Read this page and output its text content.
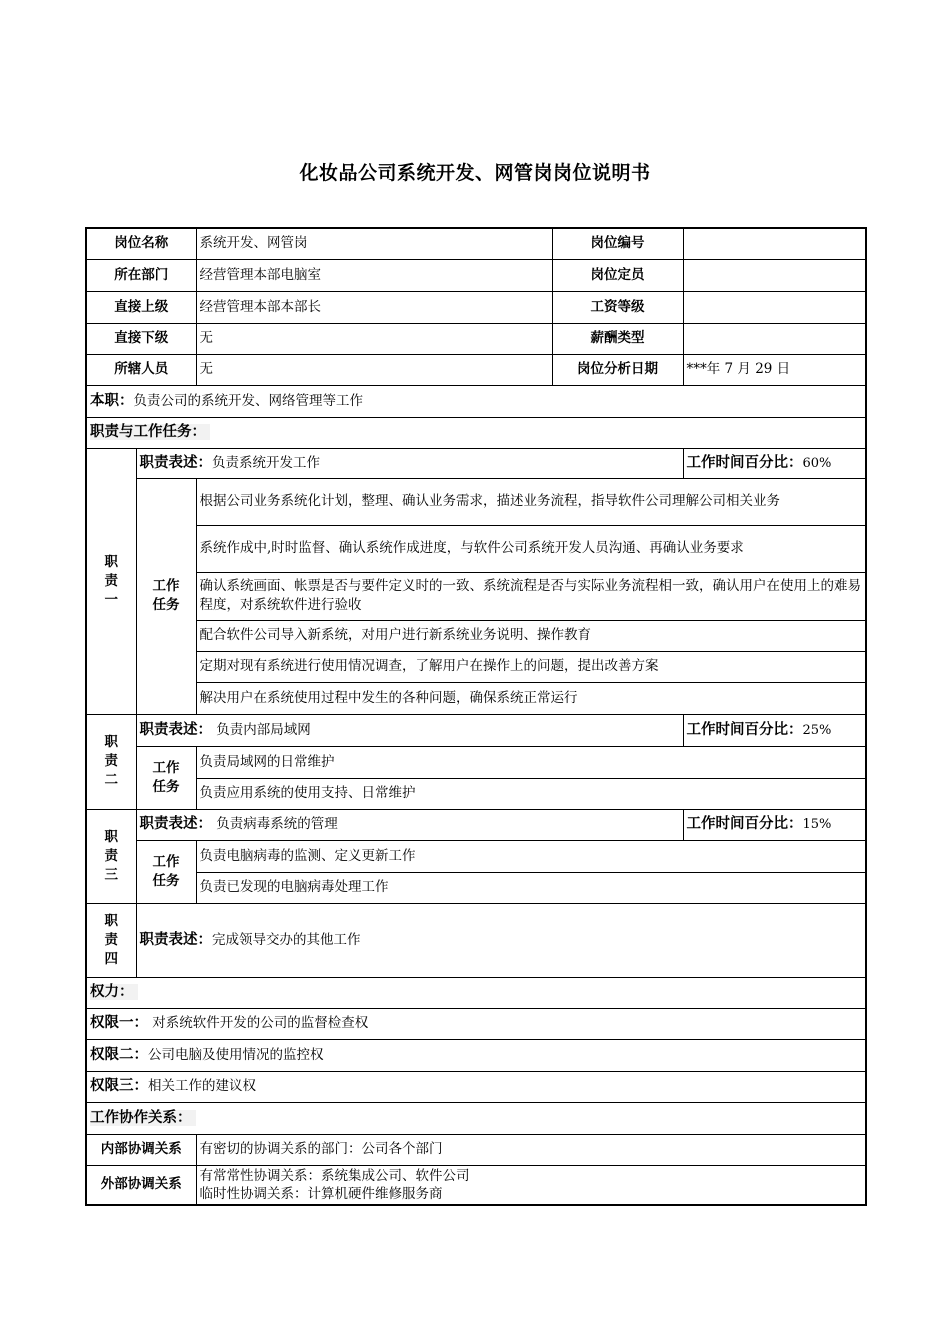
化妆品公司系统开发、网管岗岗位说明书
岗位名称		系统开发、网管岗	岗位编号	
所在部门		经营管理本部电脑室	岗位定员	
直接上级		经营管理本部本部长	工资等级	
直接下级		无	薪酬类型	
所辖人员		无	岗位分析日期	***年 7 月 29 日
本职：负责公司的系统开发、网络管理等工作				
职责与工作任务：				

职
责
一	职责表述：负责系统开发工作			工作时间百分比：60%

	工作
任务	根据公司业务系统化计划，整理、确认业务需求，描述业务流程，指导软件公司理解公司相关业务		
		系统作成中,时时监督、确认系统作成进度，与软件公司系统开发人员沟通、再确认业务要求		
		确认系统画面、帐票是否与要件定义时的一致、系统流程是否与实际业务流程相一致，确认用户在使用上的难易程度，对系统软件进行验收		
		配合软件公司导入新系统，对用户进行新系统业务说明、操作教育		
		定期对现有系统进行使用情况调查，了解用户在操作上的问题，提出改善方案		
		解决用户在系统使用过程中发生的各种问题，确保系统正常运行		

职
责
二	职责表述： 负责内部局域网			工作时间百分比：25%

	工作
任务	负责局域网的日常维护		
		负责应用系统的使用支持、日常维护		

职
责
三	职责表述： 负责病毒系统的管理			工作时间百分比：15%

	工作
任务	负责电脑病毒的监测、定义更新工作		
		负责已发现的电脑病毒处理工作		

职
责
四	职责表述：完成领导交办的其他工作			
权力：				
权限一： 对系统软件开发的公司的监督检查权				
权限二：公司电脑及使用情况的监控权				
权限三：相关工作的建议权				
工作协作关系：				
内部协调关系		有密切的协调关系的部门：公司各个部门		
外部协调关系		有常常性协调关系：系统集成公司、软件公司
临时性协调关系：计算机硬件维修服务商		
